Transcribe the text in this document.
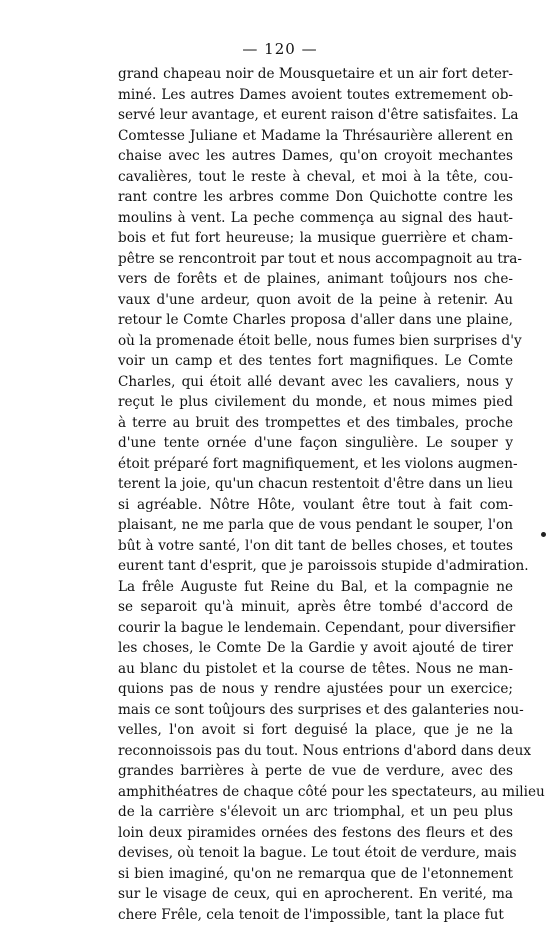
— 120 —
grand chapeau noir de Mousquetaire et un air fort deter-
miné. Les autres Dames avoient toutes extremement ob-
servé leur avantage, et eurent raison d'être satisfaites. La
Comtesse Juliane et Madame la Thrésaurière allerent en
chaise avec les autres Dames, qu'on croyoit mechantes
cavalières, tout le reste à cheval, et moi à la tête, cou-
rant contre les arbres comme Don Quichotte contre les
moulins à vent. La peche commença au signal des haut-
bois et fut fort heureuse; la musique guerrière et cham-
pêtre se rencontroit par tout et nous accompagnoit au tra-
vers de forêts et de plaines, animant toûjours nos che-
vaux d'une ardeur, quon avoit de la peine à retenir. Au
retour le Comte Charles proposa d'aller dans une plaine,
où la promenade étoit belle, nous fumes bien surprises d'y
voir un camp et des tentes fort magnifiques. Le Comte
Charles, qui étoit allé devant avec les cavaliers, nous y
reçut le plus civilement du monde, et nous mimes pied
à terre au bruit des trompettes et des timbales, proche
d'une tente ornée d'une façon singulière. Le souper y
étoit préparé fort magnifiquement, et les violons augmen-
terent la joie, qu'un chacun restentoit d'être dans un lieu
si agréable. Nôtre Hôte, voulant être tout à fait com-
plaisant, ne me parla que de vous pendant le souper, l'on
bût à votre santé, l'on dit tant de belles choses, et toutes
eurent tant d'esprit, que je paroissois stupide d'admiration.
La frêle Auguste fut Reine du Bal, et la compagnie ne
se separoit qu'à minuit, après être tombé d'accord de
courir la bague le lendemain. Cependant, pour diversifier
les choses, le Comte De la Gardie y avoit ajouté de tirer
au blanc du pistolet et la course de têtes. Nous ne man-
quions pas de nous y rendre ajustées pour un exercice;
mais ce sont toûjours des surprises et des galanteries nou-
velles, l'on avoit si fort deguisé la place, que je ne la
reconnoissois pas du tout. Nous entrions d'abord dans deux
grandes barrières à perte de vue de verdure, avec des
amphithéatres de chaque côté pour les spectateurs, au milieu
de la carrière s'élevoit un arc triomphal, et un peu plus
loin deux piramides ornées des festons des fleurs et des
devises, où tenoit la bague. Le tout étoit de verdure, mais
si bien imaginé, qu'on ne remarqua que de l'etonnement
sur le visage de ceux, qui en aprocherent. En verité, ma
chere Frêle, cela tenoit de l'impossible, tant la place fut
